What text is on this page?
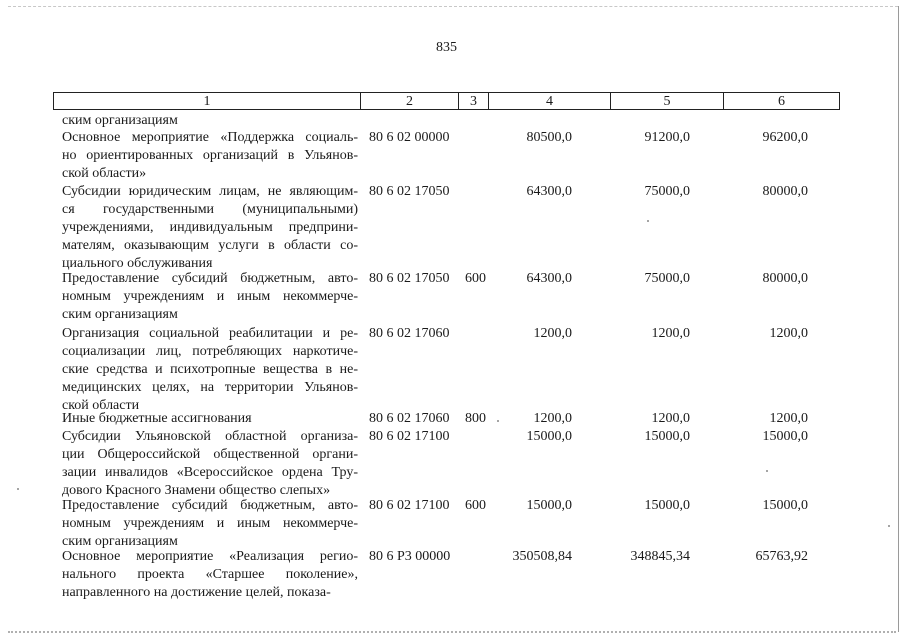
835
1	2	3	4	5	6
ским организациям
Основное мероприятие «Поддержка социаль-
но ориентированных организаций в Ульянов-
ской области»
80 6 02 00000	80500,0	91200,0	96200,0
Субсидии юридическим лицам, не являющим-
ся государственными (муниципальными)
учреждениями, индивидуальным предприни-
мателям, оказывающим услуги в области со-
циального обслуживания
80 6 02 17050	64300,0	75000,0	80000,0
Предоставление субсидий бюджетным, авто-
номным учреждениям и иным некоммерче-
ским организациям
80 6 02 17050 600	64300,0	75000,0	80000,0
Организация социальной реабилитации и ре-
социализации лиц, потребляющих наркотиче-
ские средства и психотропные вещества в не-
медицинских целях, на территории Ульянов-
ской области
80 6 02 17060	1200,0	1200,0	1200,0
Иные бюджетные ассигнования	80 6 02 17060 800	1200,0	1200,0	1200,0
Субсидии Ульяновской областной организа-
ции Общероссийской общественной органи-
зации инвалидов «Всероссийское ордена Тру-
дового Красного Знамени общество слепых»
80 6 02 17100	15000,0	15000,0	15000,0
Предоставление субсидий бюджетным, авто-
номным учреждениям и иным некоммерче-
ским организациям
80 6 02 17100 600	15000,0	15000,0	15000,0
Основное мероприятие «Реализация регио-
нального проекта «Старшее поколение»,
направленного на достижение целей, показа-
80 6 P3 00000	350508,84	348845,34	65763,92
